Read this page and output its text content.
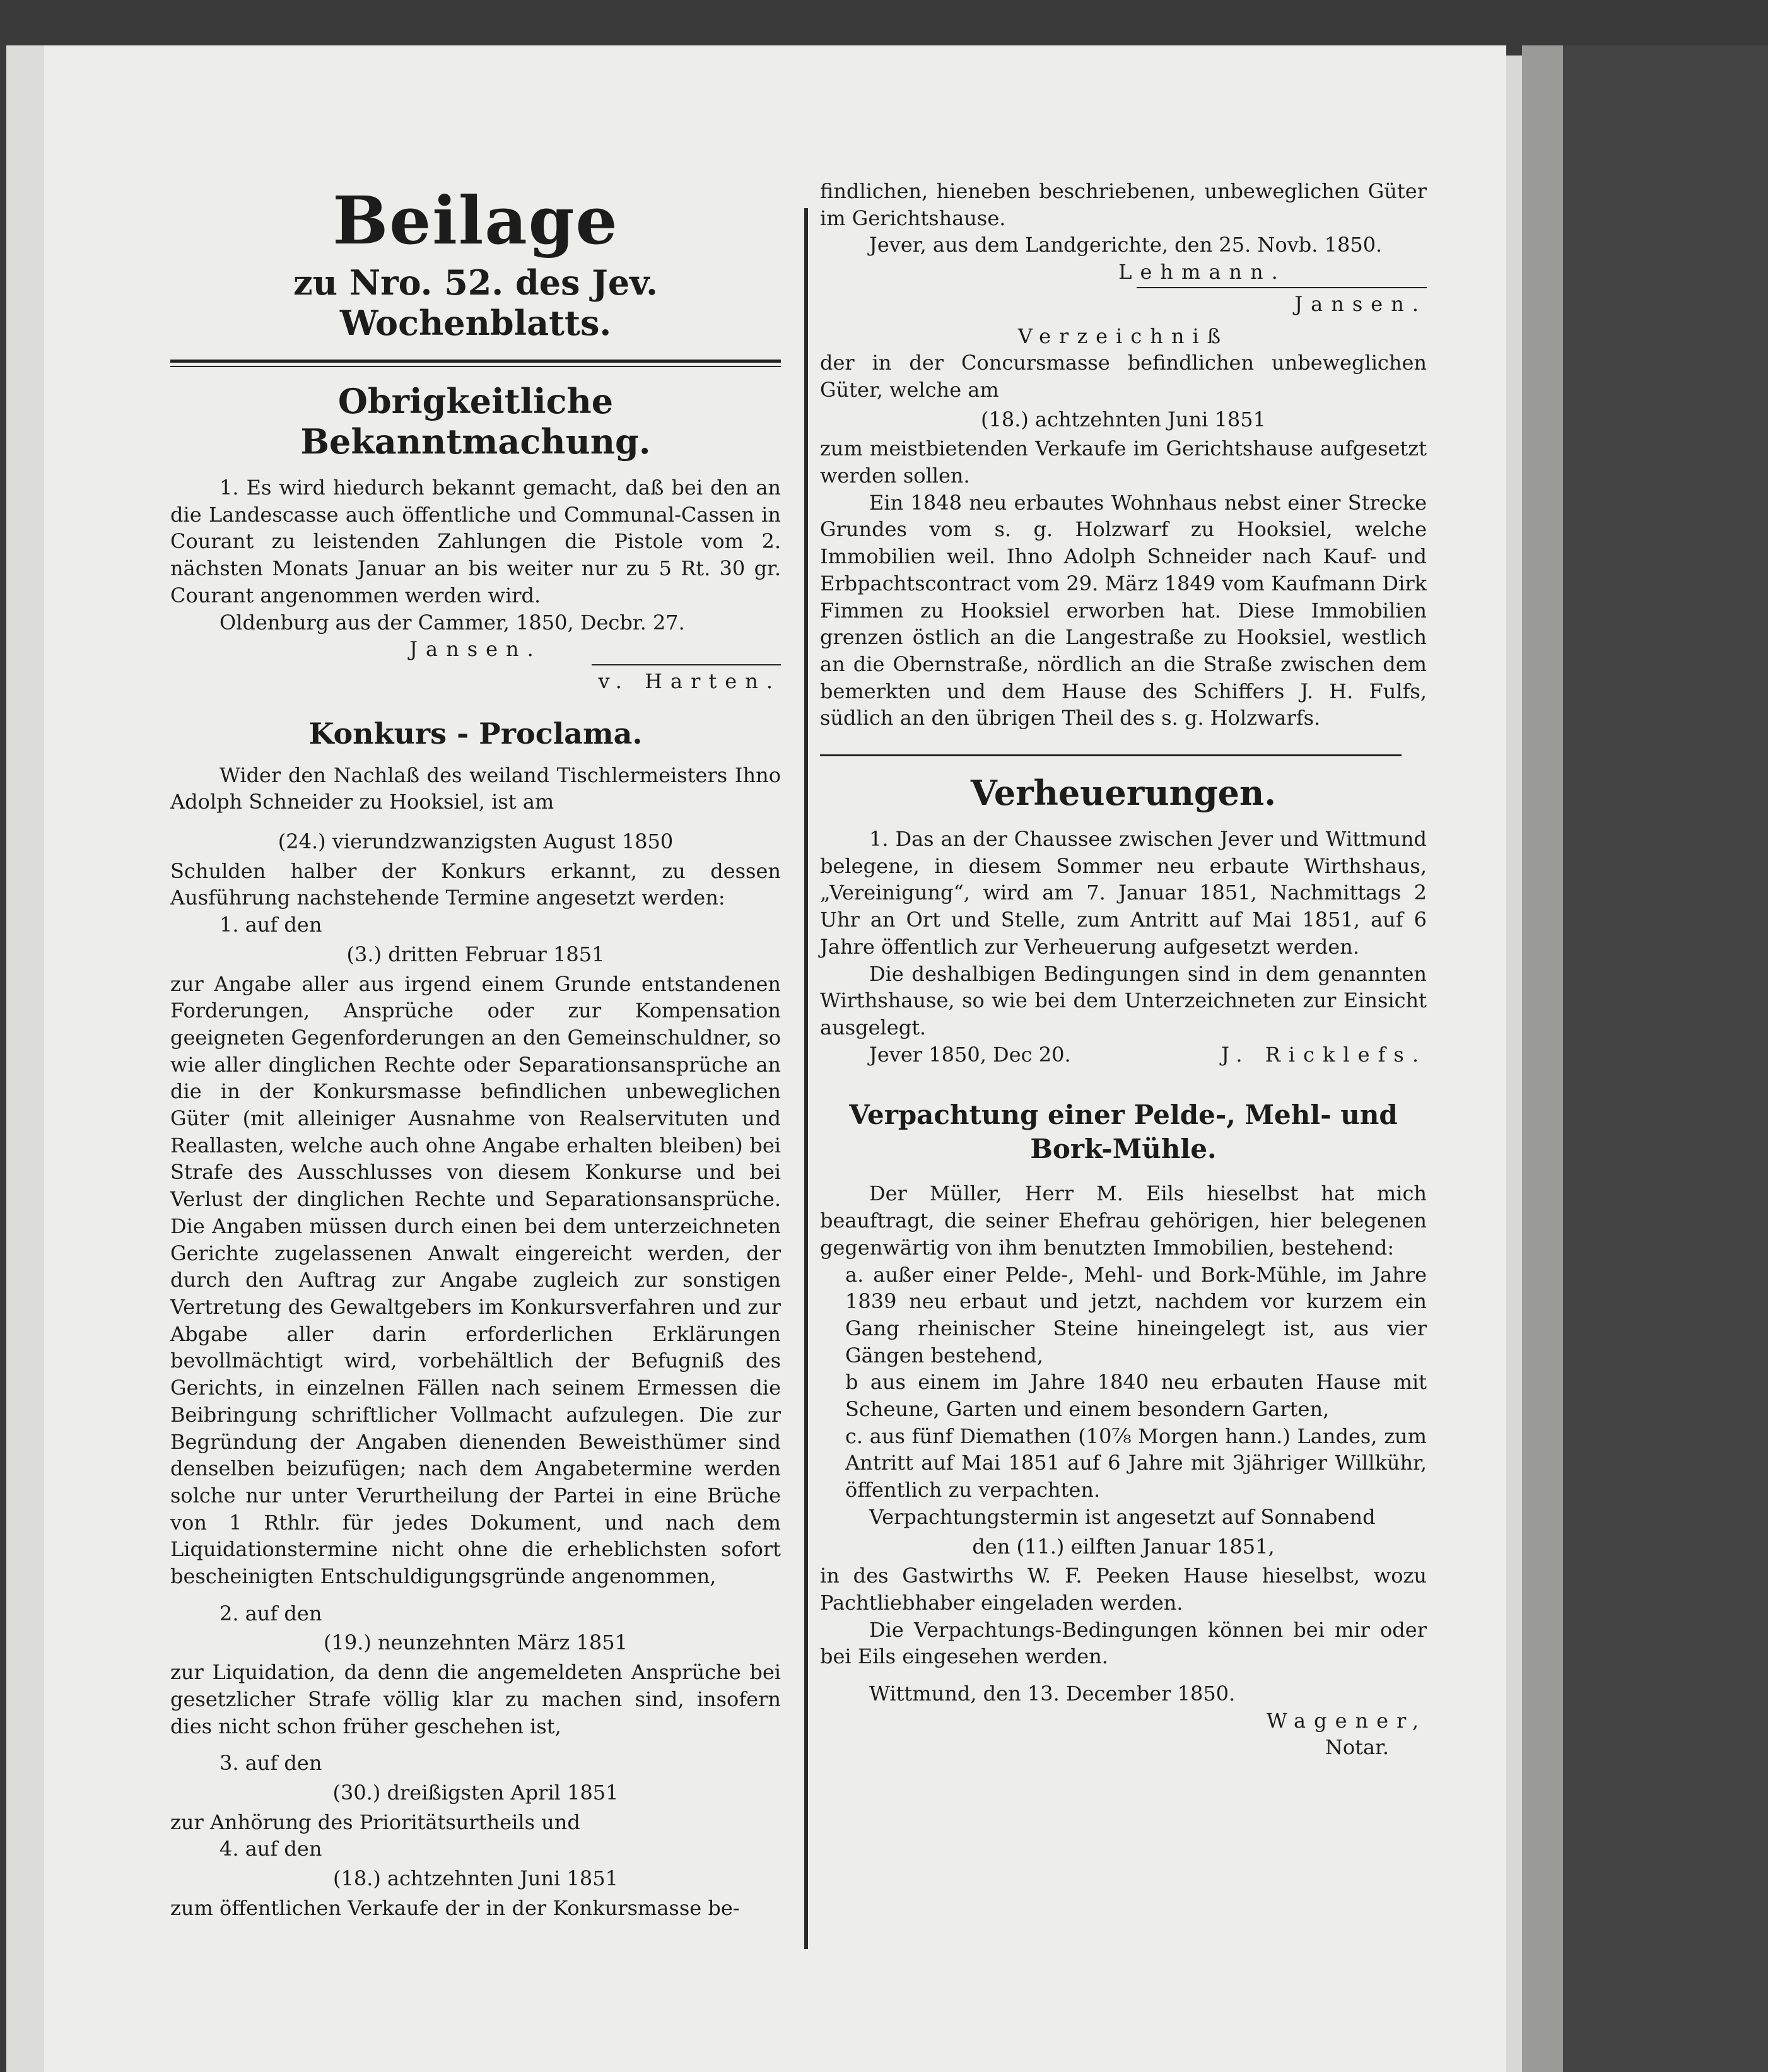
Beilage
zu Nro. 52. des Jev. Wochenblatts.
Obrigkeitliche Bekanntmachung.

1. Es wird hiedurch bekannt gemacht, daß bei den an die Landescasse auch öffentliche und Communal-Cassen in Courant zu leistenden Zahlungen die Pistole vom 2. nächsten Monats Januar an bis weiter nur zu 5 Rt. 30 gr. Courant angenommen werden wird.

Oldenburg aus der Cammer, 1850, Decbr. 27.

Jansen.

v. Harten.

Konkurs - Proclama.

Wider den Nachlaß des weiland Tischlermeisters Ihno Adolph Schneider zu Hooksiel, ist am

(24.) vierundzwanzigsten August 1850

Schulden halber der Konkurs erkannt, zu dessen Ausführung nachstehende Termine angesetzt werden:

1. auf den

(3.) dritten Februar 1851

zur Angabe aller aus irgend einem Grunde entstandenen Forderungen, Ansprüche oder zur Kompensation geeigneten Gegenforderungen an den Gemeinschuldner, so wie aller dinglichen Rechte oder Separationsansprüche an die in der Konkursmasse befindlichen unbeweglichen Güter (mit alleiniger Ausnahme von Realservituten und Reallasten, welche auch ohne Angabe erhalten bleiben) bei Strafe des Ausschlusses von diesem Konkurse und bei Verlust der dinglichen Rechte und Separationsansprüche. Die Angaben müssen durch einen bei dem unterzeichneten Gerichte zugelassenen Anwalt eingereicht werden, der durch den Auftrag zur Angabe zugleich zur sonstigen Vertretung des Gewaltgebers im Konkursverfahren und zur Abgabe aller darin erforderlichen Erklärungen bevollmächtigt wird, vorbehältlich der Befugniß des Gerichts, in einzelnen Fällen nach seinem Ermessen die Beibringung schriftlicher Vollmacht aufzulegen. Die zur Begründung der Angaben dienenden Beweisthümer sind denselben beizufügen; nach dem Angabetermine werden solche nur unter Verurtheilung der Partei in eine Brüche von 1 Rthlr. für jedes Dokument, und nach dem Liquidationstermine nicht ohne die erheblichsten sofort bescheinigten Entschuldigungsgründe angenommen,

2. auf den

(19.) neunzehnten März 1851

zur Liquidation, da denn die angemeldeten Ansprüche bei gesetzlicher Strafe völlig klar zu machen sind, insofern dies nicht schon früher geschehen ist,

3. auf den

(30.) dreißigsten April 1851

zur Anhörung des Prioritätsurtheils und

4. auf den

(18.) achtzehnten Juni 1851

zum öffentlichen Verkaufe der in der Konkursmasse be-

findlichen, hieneben beschriebenen, unbeweglichen Güter im Gerichtshause.

Jever, aus dem Landgerichte, den 25. Novb. 1850.

Lehmann.

Jansen.

Verzeichniß

der in der Concursmasse befindlichen unbeweglichen Güter, welche am

(18.) achtzehnten Juni 1851

zum meistbietenden Verkaufe im Gerichtshause aufgesetzt werden sollen.

Ein 1848 neu erbautes Wohnhaus nebst einer Strecke Grundes vom s. g. Holzwarf zu Hooksiel, welche Immobilien weil. Ihno Adolph Schneider nach Kauf- und Erbpachtscontract vom 29. März 1849 vom Kaufmann Dirk Fimmen zu Hooksiel erworben hat. Diese Immobilien grenzen östlich an die Langestraße zu Hooksiel, westlich an die Obernstraße, nördlich an die Straße zwischen dem bemerkten und dem Hause des Schiffers J. H. Fulfs, südlich an den übrigen Theil des s. g. Holzwarfs.

Verheuerungen.

1. Das an der Chaussee zwischen Jever und Wittmund belegene, in diesem Sommer neu erbaute Wirthshaus, „Vereinigung“, wird am 7. Januar 1851, Nachmittags 2 Uhr an Ort und Stelle, zum Antritt auf Mai 1851, auf 6 Jahre öffentlich zur Verheuerung aufgesetzt werden.

Die deshalbigen Bedingungen sind in dem genannten Wirthshause, so wie bei dem Unterzeichneten zur Einsicht ausgelegt.

Jever 1850, Dec 20.	J. Ricklefs.

Verpachtung einer Pelde-, Mehl- und Bork-Mühle.

Der Müller, Herr M. Eils hieselbst hat mich beauftragt, die seiner Ehefrau gehörigen, hier belegenen gegenwärtig von ihm benutzten Immobilien, bestehend:

a. außer einer Pelde-, Mehl- und Bork-Mühle, im Jahre 1839 neu erbaut und jetzt, nachdem vor kurzem ein Gang rheinischer Steine hineingelegt ist, aus vier Gängen bestehend,

b aus einem im Jahre 1840 neu erbauten Hause mit Scheune, Garten und einem besondern Garten,

c. aus fünf Diemathen (10⅞ Morgen hann.) Landes, zum Antritt auf Mai 1851 auf 6 Jahre mit 3jähriger Willkühr, öffentlich zu verpachten.

Verpachtungstermin ist angesetzt auf Sonnabend

den (11.) eilften Januar 1851,

in des Gastwirths W. F. Peeken Hause hieselbst, wozu Pachtliebhaber eingeladen werden.

Die Verpachtungs-Bedingungen können bei mir oder bei Eils eingesehen werden.

Wittmund, den 13. December 1850.

Wagener,

Notar.
